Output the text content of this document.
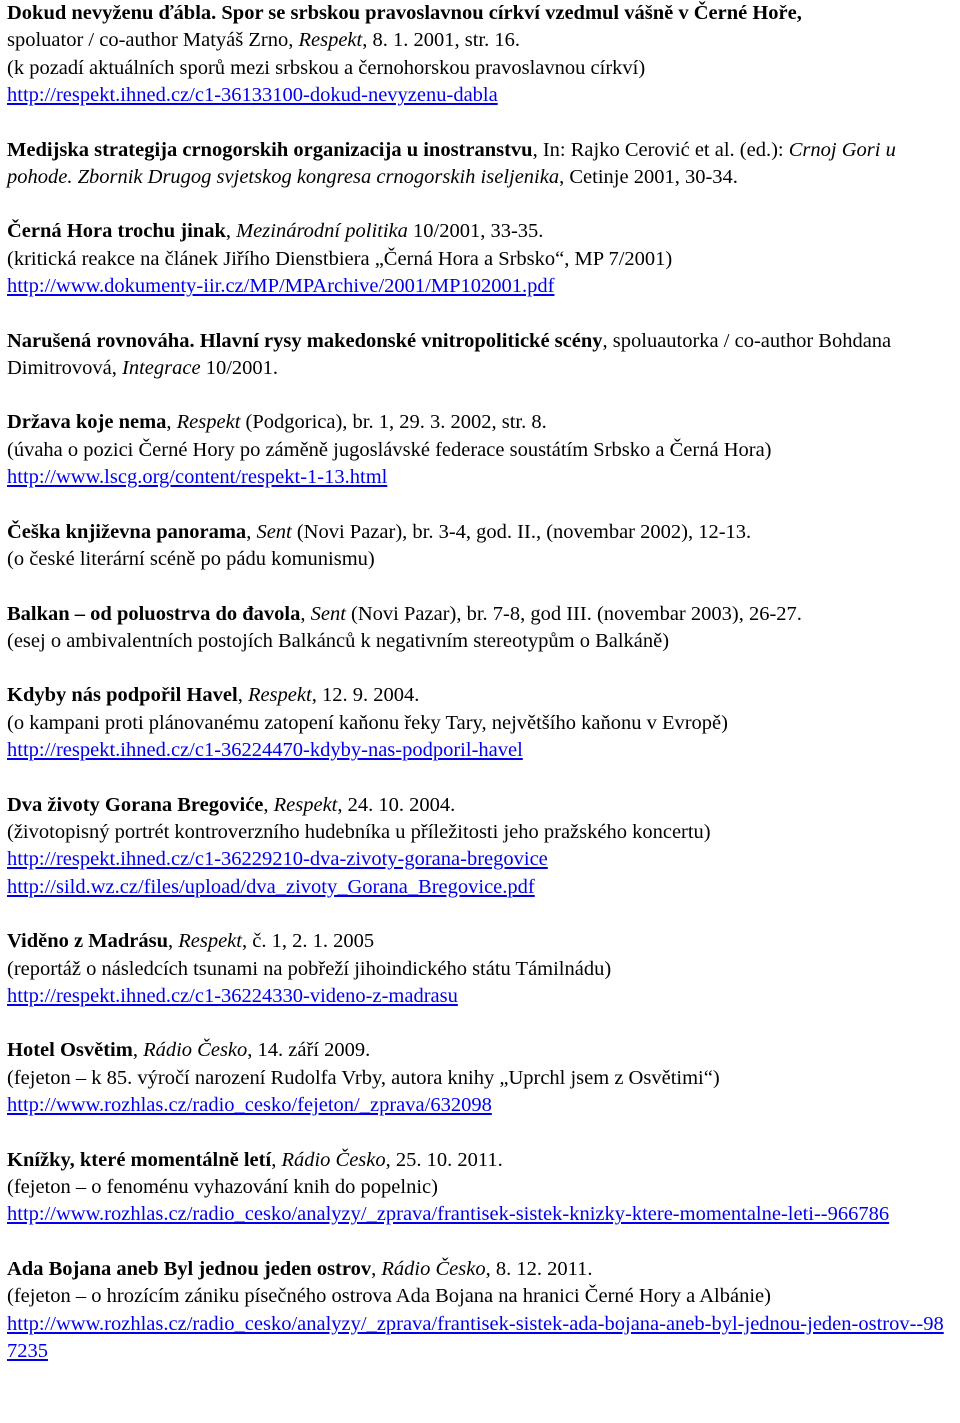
Dokud nevyženu ďábla. Spor se srbskou pravoslavnou církví vzedmul vášně v Černé Hoře,
spoluator / co-author Matyáš Zrno, Respekt, 8. 1. 2001, str. 16.

(k pozadí aktuálních sporů mezi srbskou a černohorskou pravoslavnou církví)

http://respekt.ihned.cz/c1-36133100-dokud-nevyzenu-dabla

Medijska strategija crnogorskih organizacija u inostranstvu, In: Rajko Cerović et al. (ed.): Crnoj Gori u pohode. Zbornik Drugog svjetskog kongresa crnogorskih iseljenika, Cetinje 2001, 30-34.

Černá Hora trochu jinak, Mezinárodní politika 10/2001, 33-35.

(kritická reakce na článek Jiřího Dienstbiera „Černá Hora a Srbsko“, MP 7/2001)

http://www.dokumenty-iir.cz/MP/MPArchive/2001/MP102001.pdf

Narušená rovnováha. Hlavní rysy makedonské vnitropolitické scény, spoluautorka / co-author Bohdana Dimitrovová, Integrace 10/2001.

Država koje nema, Respekt (Podgorica), br. 1, 29. 3. 2002, str. 8.

(úvaha o pozici Černé Hory po záměně jugoslávské federace soustátím Srbsko a Černá Hora)

http://www.lscg.org/content/respekt-1-13.html

Češka književna panorama, Sent (Novi Pazar), br. 3-4, god. II., (novembar 2002), 12-13.

(o české literární scéně po pádu komunismu)

Balkan – od poluostrva do đavola, Sent (Novi Pazar), br. 7-8, god III. (novembar 2003), 26-27.

(esej o ambivalentních postojích Balkánců k negativním stereotypům o Balkáně)

Kdyby nás podpořil Havel, Respekt, 12. 9. 2004.

(o kampani proti plánovanému zatopení kaňonu řeky Tary, největšího kaňonu v Evropě)

http://respekt.ihned.cz/c1-36224470-kdyby-nas-podporil-havel

Dva životy Gorana Bregoviće, Respekt, 24. 10. 2004.

(životopisný portrét kontroverzního hudebníka u příležitosti jeho pražského koncertu)

http://respekt.ihned.cz/c1-36229210-dva-zivoty-gorana-bregovice

http://sild.wz.cz/files/upload/dva_zivoty_Gorana_Bregovice.pdf

Viděno z Madrásu, Respekt, č. 1, 2. 1. 2005

(reportáž o následcích tsunami na pobřeží jihoindického státu Támilnádu)

http://respekt.ihned.cz/c1-36224330-videno-z-madrasu

Hotel Osvětim, Rádio Česko, 14. září 2009.

(fejeton – k 85. výročí narození Rudolfa Vrby, autora knihy „Uprchl jsem z Osvětimi“)

http://www.rozhlas.cz/radio_cesko/fejeton/_zprava/632098

Knížky, které momentálně letí, Rádio Česko, 25. 10. 2011.

(fejeton – o fenoménu vyhazování knih do popelnic)

http://www.rozhlas.cz/radio_cesko/analyzy/_zprava/frantisek-sistek-knizky-ktere-momentalne-leti--966786

Ada Bojana aneb Byl jednou jeden ostrov, Rádio Česko, 8. 12. 2011.

(fejeton – o hrozícím zániku písečného ostrova Ada Bojana na hranici Černé Hory a Albánie)

http://www.rozhlas.cz/radio_cesko/analyzy/_zprava/frantisek-sistek-ada-bojana-aneb-byl-jednou-jeden-ostrov--987235
